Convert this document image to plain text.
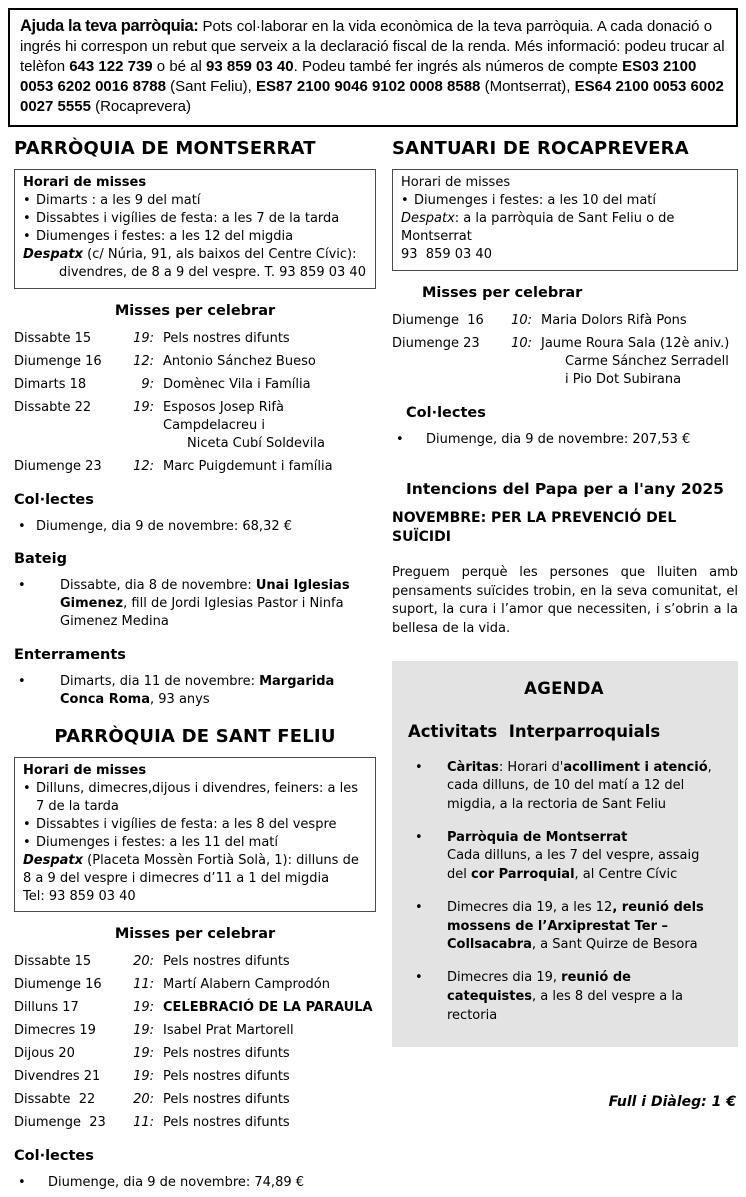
Ajuda la teva parròquia: Pots col·laborar en la vida econòmica de la teva parròquia. A cada donació o ingrés hi correspon un rebut que serveix a la declaració fiscal de la renda. Més informació: podeu trucar al telèfon 643 122 739 o bé al 93 859 03 40. Podeu també fer ingrés als números de compte ES03 2100 0053 6202 0016 8788 (Sant Feliu), ES87 2100 9046 9102 0008 8588 (Montserrat), ES64 2100 0053 6002 0027 5555 (Rocaprevera)
PARRÒQUIA DE MONTSERRAT
Horari de misses
• Dimarts : a les 9 del matí
• Dissabtes i vigílies de festa: a les 7 de la tarda
• Diumenges i festes: a les 12 del migdia
Despatx (c/ Núria, 91, als baixos del Centre Cívic):
divendres, de 8 a 9 del vespre. T. 93 859 03 40
Misses per celebrar
Dissabte 15	19: Pels nostres difunts
Diumenge 16	12: Antonio Sánchez Bueso
Dimarts 18	9: Domènec Vila i Família
Dissabte 22	19: Esposos Josep Rifà Campdelacreu i
Niceta Cubí Soldevila
Diumenge 23	12: Marc Puigdemunt i família
Col·lectes
• Diumenge, dia 9 de novembre: 68,32 €
Bateig
•	Dissabte, dia 8 de novembre: Unai Iglesias Gimenez, fill de Jordi Iglesias Pastor i Ninfa Gimenez Medina
Enterraments
•	Dimarts, dia 11 de novembre: Margarida Conca Roma, 93 anys
PARRÒQUIA DE SANT FELIU
Horari de misses
• Dilluns, dimecres,dijous i divendres, feiners: a les 7 de la tarda
• Dissabtes i vigílies de festa: a les 8 del vespre
• Diumenges i festes: a les 11 del matí
Despatx (Placeta Mossèn Fortià Solà, 1): dilluns de 8 a 9 del vespre i dimecres d’11 a 1 del migdia
Tel: 93 859 03 40
Misses per celebrar
Dissabte 15	20: Pels nostres difunts
Diumenge 16	11: Martí Alabern Camprodón
Dilluns 17	19: CELEBRACIÓ DE LA PARAULA
Dimecres 19	19: Isabel Prat Martorell
Dijous 20	19: Pels nostres difunts
Divendres 21	19: Pels nostres difunts
Dissabte  22	20: Pels nostres difunts
Diumenge  23	11: Pels nostres difunts
Col·lectes
•	Diumenge, dia 9 de novembre: 74,89 €
SANTUARI DE ROCAPREVERA
Horari de misses
• Diumenges i festes: a les 10 del matí
Despatx: a la parròquia de Sant Feliu o de Montserrat
93  859 03 40
Misses per celebrar
Diumenge  16	10: Maria Dolors Rifà Pons
Diumenge 23	10: Jaume Roura Sala (12è aniv.)
Carme Sánchez Serradell
i Pio Dot Subirana
Col·lectes
•	Diumenge, dia 9 de novembre: 207,53 €
Intencions del Papa per a l'any 2025
NOVEMBRE: PER LA PREVENCIÓ DEL SUÏCIDI
Preguem perquè les persones que lluiten amb pensaments suïcides trobin, en la seva comunitat, el suport, la cura i l’amor que necessiten, i s’obrin a la bellesa de la vida.
AGENDA
Activitats  Interparroquials
•	Càritas: Horari d'acolliment i atenció, cada dilluns, de 10 del matí a 12 del migdia, a la rectoria de Sant Feliu
•	Parròquia de Montserrat
Cada dilluns, a les 7 del vespre, assaig del cor Parroquial, al Centre Cívic
•	Dimecres dia 19, a les 12, reunió dels mossens de l’Arxiprestat Ter – Collsacabra, a Sant Quirze de Besora
•	Dimecres dia 19, reunió de catequistes, a les 8 del vespre a la rectoria
Full i Diàleg: 1 €
